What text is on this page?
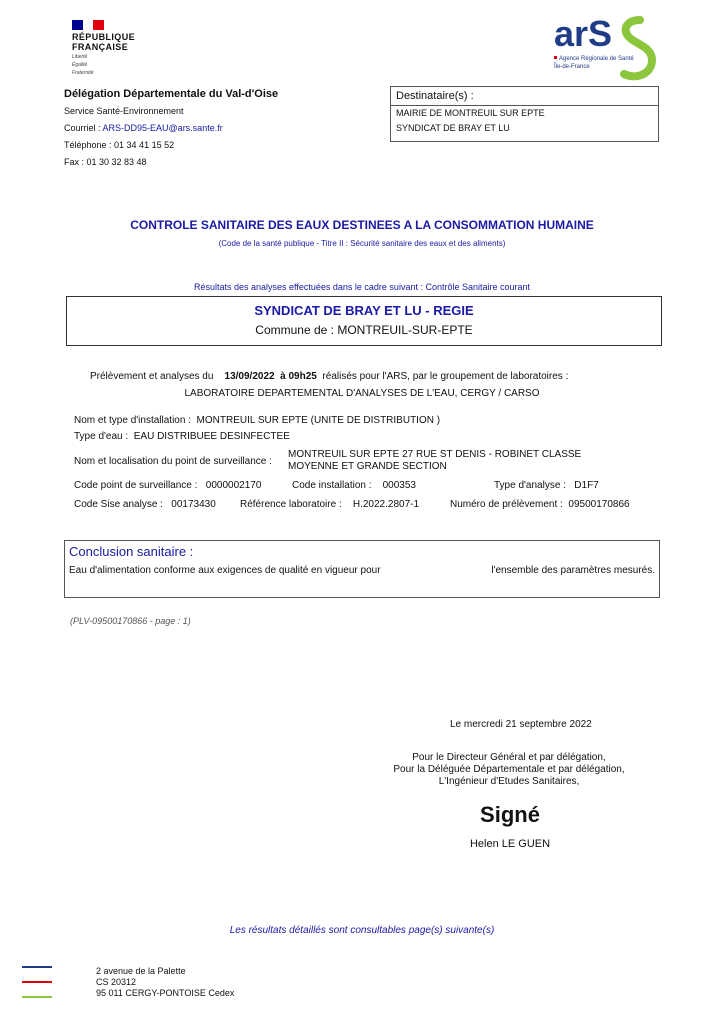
RÉPUBLIQUE
FRANÇAISE
Liberté
Égalité
Fraternité
arS
Agence Régionale de Santé
Île-de-France
Délégation Départementale du Val-d'Oise
Service Santé-Environnement
Courriel : ARS-DD95-EAU@ars.sante.fr
Téléphone : 01 34 41 15 52
Fax : 01 30 32 83 48
Destinataire(s) :
MAIRIE DE MONTREUIL SUR EPTE
SYNDICAT DE BRAY ET LU
CONTROLE SANITAIRE DES EAUX DESTINEES A LA CONSOMMATION HUMAINE
(Code de la santé publique - Titre II : Sécurité sanitaire des eaux et des aliments)
Résultats des analyses effectuées dans le cadre suivant : Contrôle Sanitaire courant
SYNDICAT DE BRAY ET LU - REGIE
Commune de : MONTREUIL-SUR-EPTE
Prélèvement et analyses du 13/09/2022 à 09h25 réalisés pour l'ARS, par le groupement de laboratoires :
LABORATOIRE DEPARTEMENTAL D'ANALYSES DE L'EAU, CERGY / CARSO
Nom et type d'installation : MONTREUIL SUR EPTE (UNITE DE DISTRIBUTION )
Type d'eau : EAU DISTRIBUEE DESINFECTEE
Nom et localisation du point de surveillance :
MONTREUIL SUR EPTE 27 RUE ST DENIS - ROBINET CLASSE
MOYENNE ET GRANDE SECTION
Code point de surveillance : 0000002170	Code installation : 000353	Type d'analyse : D1F7
Code Sise analyse : 00173430 Référence laboratoire : H.2022.2807-1	Numéro de prélèvement : 09500170866
Conclusion sanitaire :
Eau d'alimentation conforme aux exigences de qualité en vigueur pour	l'ensemble des paramètres mesurés.
(PLV-09500170866 - page : 1)
Le mercredi 21 septembre 2022
Pour le Directeur Général et par délégation,
Pour la Déléguée Départementale et par délégation,
L'Ingénieur d'Etudes Sanitaires,
Signé
Helen LE GUEN
Les résultats détaillés sont consultables page(s) suivante(s)
2 avenue de la Palette
CS 20312
95 011 CERGY-PONTOISE Cedex
